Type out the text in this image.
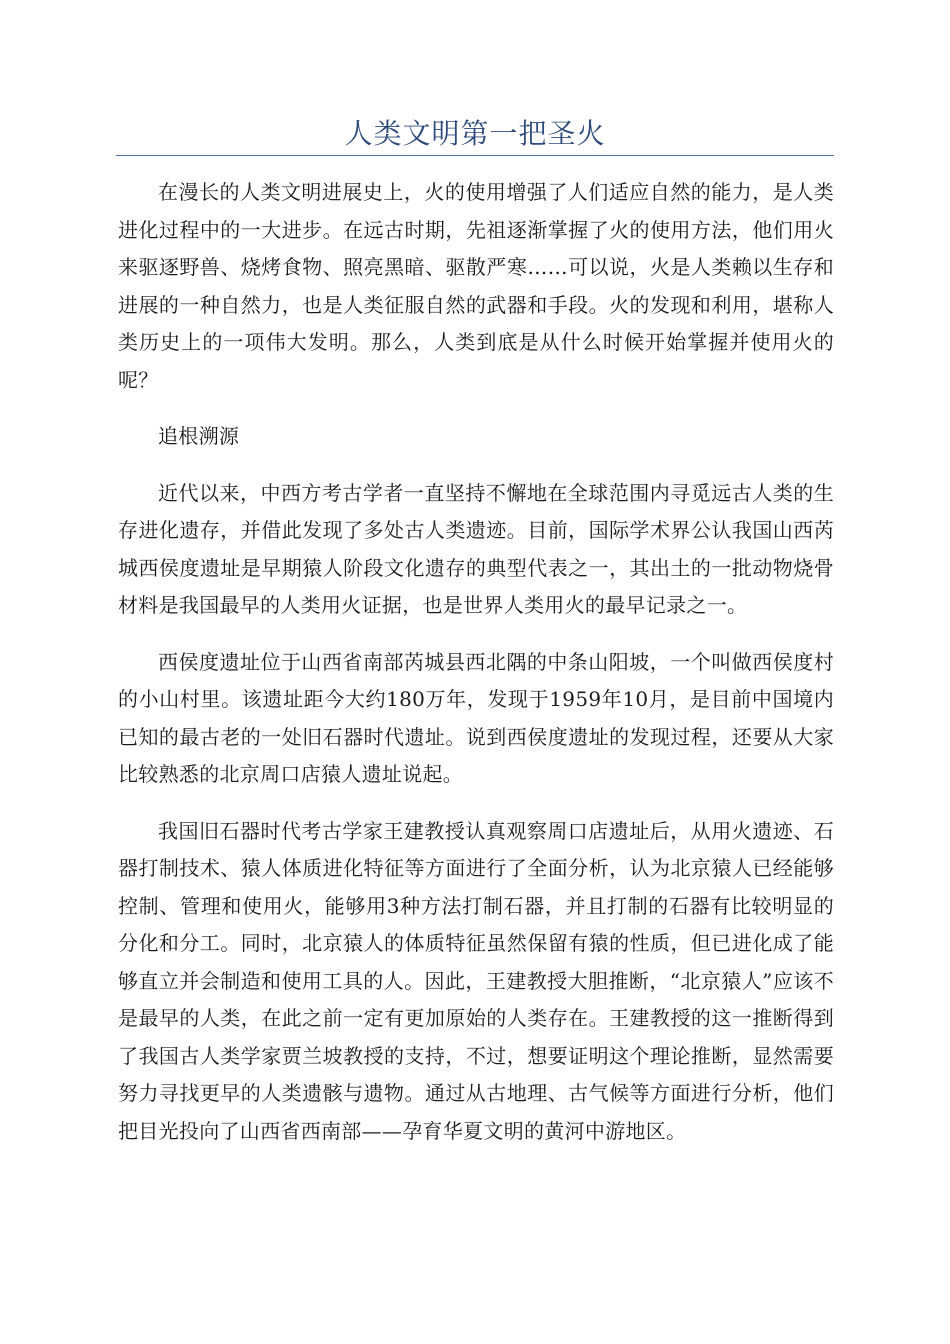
人类文明第一把圣火

在漫长的人类文明进展史上，火的使用增强了人们适应自然的能力，是人类进化过程中的一大进步。在远古时期，先祖逐渐掌握了火的使用方法，他们用火来驱逐野兽、烧烤食物、照亮黑暗、驱散严寒……可以说，火是人类赖以生存和进展的一种自然力，也是人类征服自然的武器和手段。火的发现和利用，堪称人类历史上的一项伟大发明。那么，人类到底是从什么时候开始掌握并使用火的呢？

追根溯源

近代以来，中西方考古学者一直坚持不懈地在全球范围内寻觅远古人类的生存进化遗存，并借此发现了多处古人类遗迹。目前，国际学术界公认我国山西芮城西侯度遗址是早期猿人阶段文化遗存的典型代表之一，其出土的一批动物烧骨材料是我国最早的人类用火证据，也是世界人类用火的最早记录之一。

西侯度遗址位于山西省南部芮城县西北隅的中条山阳坡，一个叫做西侯度村的小山村里。该遗址距今大约180万年，发现于1959年10月，是目前中国境内已知的最古老的一处旧石器时代遗址。说到西侯度遗址的发现过程，还要从大家比较熟悉的北京周口店猿人遗址说起。

我国旧石器时代考古学家王建教授认真观察周口店遗址后，从用火遗迹、石器打制技术、猿人体质进化特征等方面进行了全面分析，认为北京猿人已经能够控制、管理和使用火，能够用3种方法打制石器，并且打制的石器有比较明显的分化和分工。同时，北京猿人的体质特征虽然保留有猿的性质，但已进化成了能够直立并会制造和使用工具的人。因此，王建教授大胆推断，“北京猿人”应该不是最早的人类，在此之前一定有更加原始的人类存在。王建教授的这一推断得到了我国古人类学家贾兰坡教授的支持，不过，想要证明这个理论推断，显然需要努力寻找更早的人类遗骸与遗物。通过从古地理、古气候等方面进行分析，他们把目光投向了山西省西南部——孕育华夏文明的黄河中游地区。
